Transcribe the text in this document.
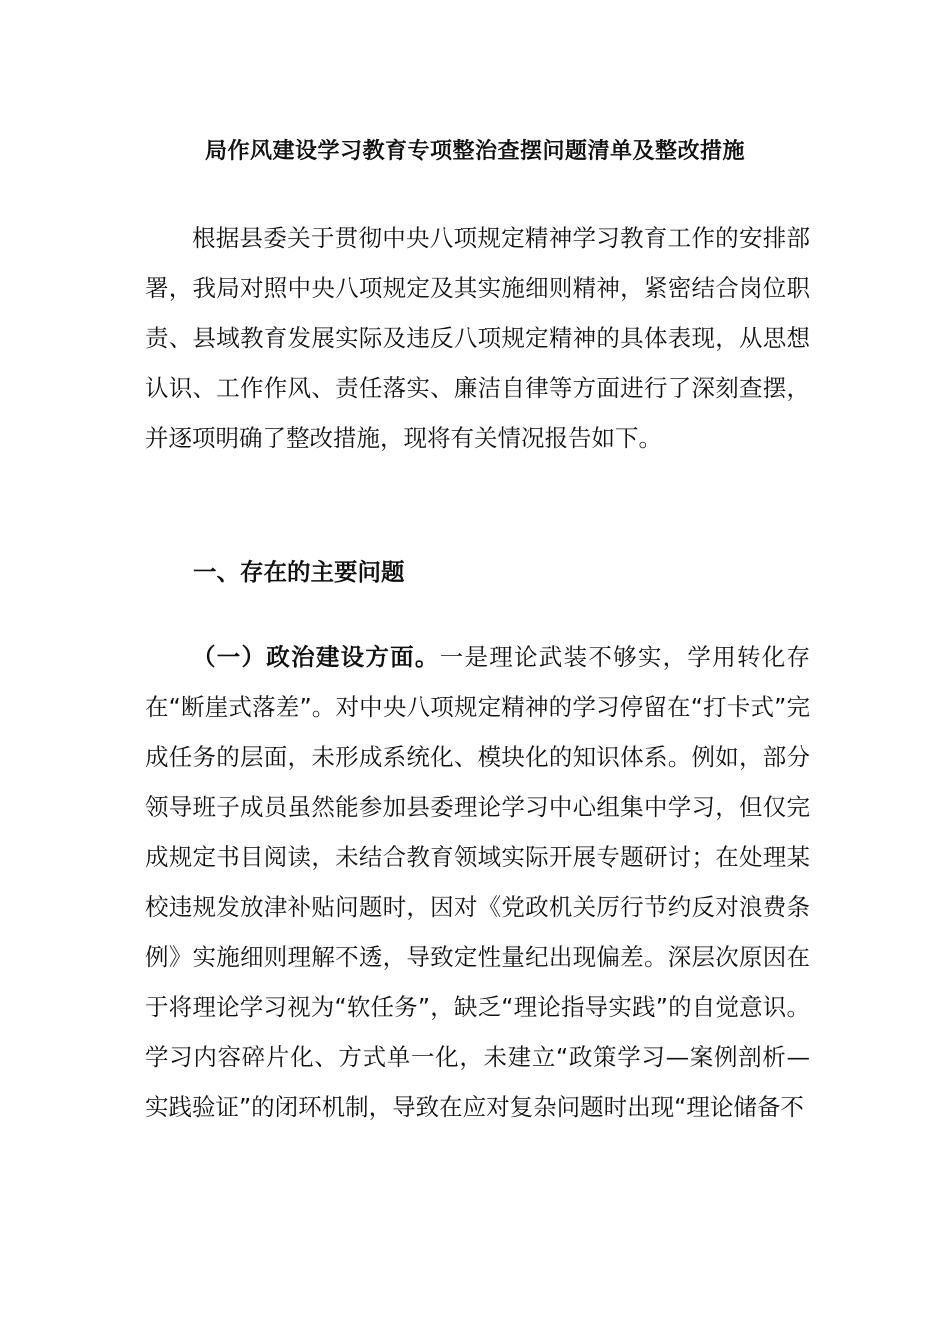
局作风建设学习教育专项整治查摆问题清单及整改措施

根据县委关于贯彻中央八项规定精神学习教育工作的安排部署，我局对照中央八项规定及其实施细则精神，紧密结合岗位职责、县域教育发展实际及违反八项规定精神的具体表现，从思想认识、工作作风、责任落实、廉洁自律等方面进行了深刻查摆，并逐项明确了整改措施，现将有关情况报告如下。

一、存在的主要问题

（一）政治建设方面。一是理论武装不够实，学用转化存在“断崖式落差”。对中央八项规定精神的学习停留在“打卡式”完成任务的层面，未形成系统化、模块化的知识体系。例如，部分领导班子成员虽然能参加县委理论学习中心组集中学习，但仅完成规定书目阅读，未结合教育领域实际开展专题研讨；在处理某校违规发放津补贴问题时，因对《党政机关厉行节约反对浪费条例》实施细则理解不透，导致定性量纪出现偏差。深层次原因在于将理论学习视为“软任务”，缺乏“理论指导实践”的自觉意识。学习内容碎片化、方式单一化，未建立“政策学习—案例剖析—实践验证”的闭环机制，导致在应对复杂问题时出现“理论储备不
